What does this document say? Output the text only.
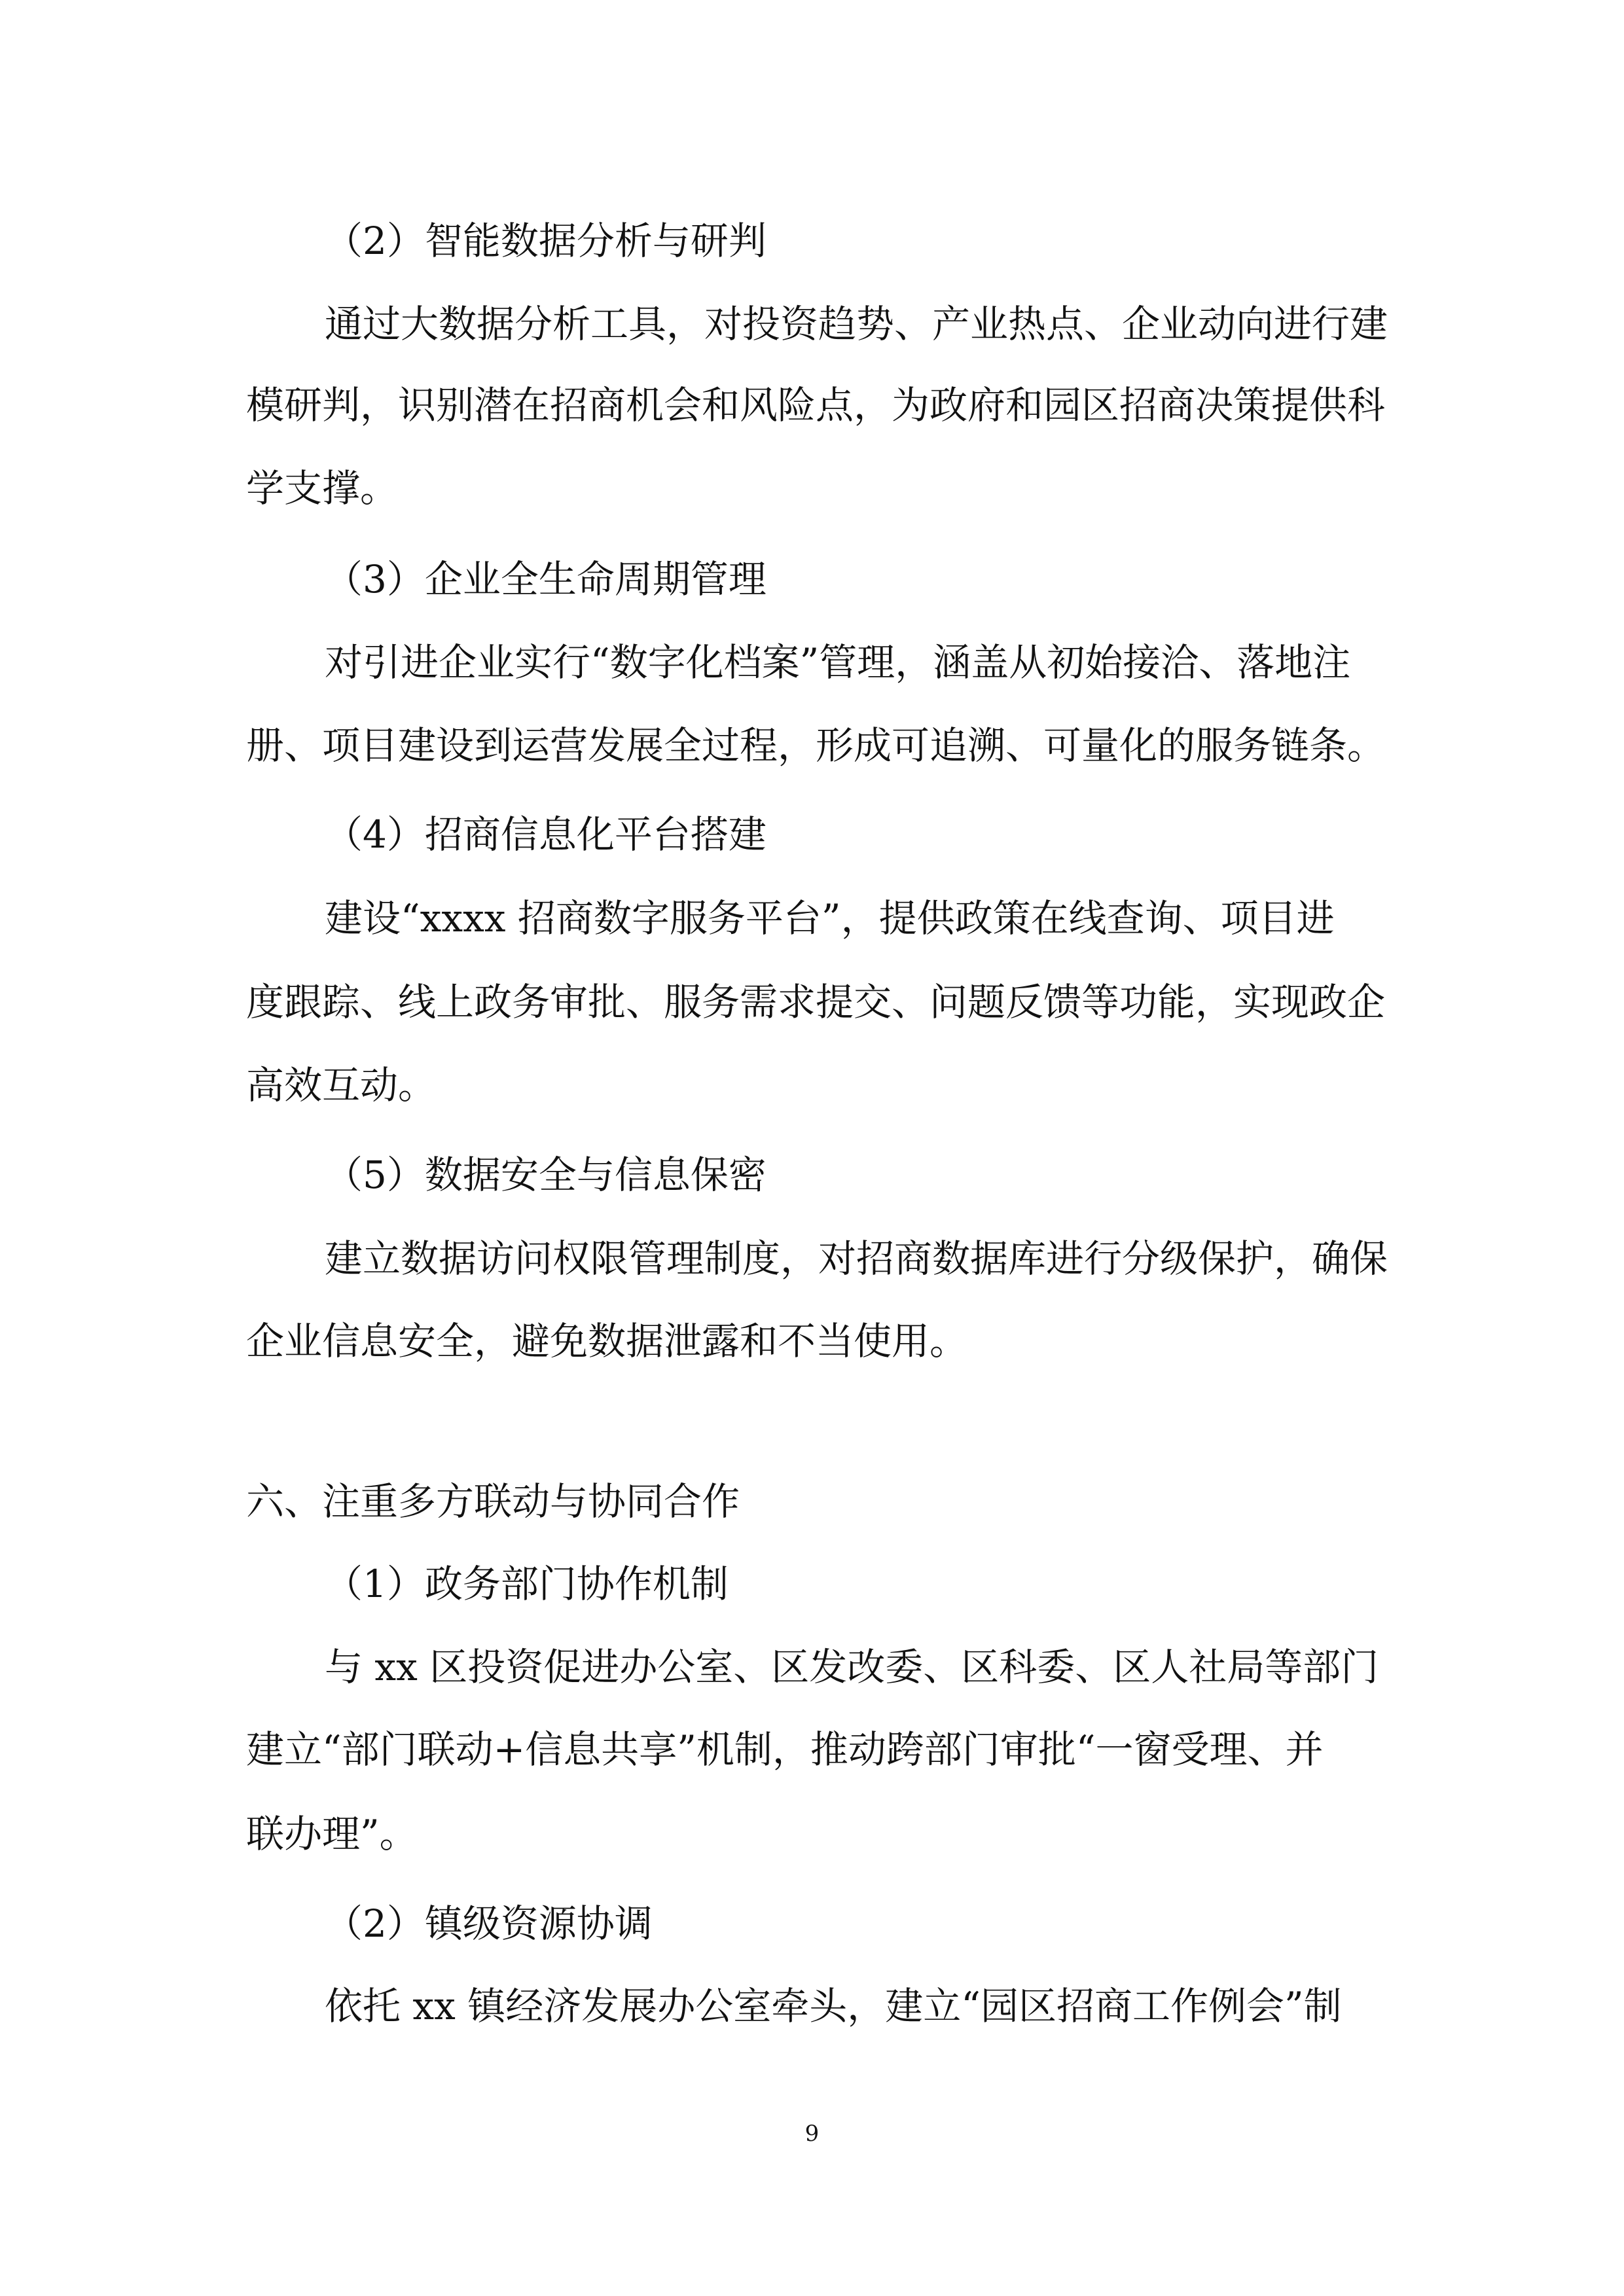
（2）智能数据分析与研判
通过大数据分析工具，对投资趋势、产业热点、企业动向进行建
模研判，识别潜在招商机会和风险点，为政府和园区招商决策提供科
学支撑。
（3）企业全生命周期管理
对引进企业实行“数字化档案”管理，涵盖从初始接洽、落地注
册、项目建设到运营发展全过程，形成可追溯、可量化的服务链条。
（4）招商信息化平台搭建
建设“xxxx 招商数字服务平台”，提供政策在线查询、项目进
度跟踪、线上政务审批、服务需求提交、问题反馈等功能，实现政企
高效互动。
（5）数据安全与信息保密
建立数据访问权限管理制度，对招商数据库进行分级保护，确保
企业信息安全，避免数据泄露和不当使用。
六、注重多方联动与协同合作
（1）政务部门协作机制
与 xx 区投资促进办公室、区发改委、区科委、区人社局等部门
建立“部门联动+信息共享”机制，推动跨部门审批“一窗受理、并
联办理”。
（2）镇级资源协调
依托 xx 镇经济发展办公室牵头，建立“园区招商工作例会”制
9
